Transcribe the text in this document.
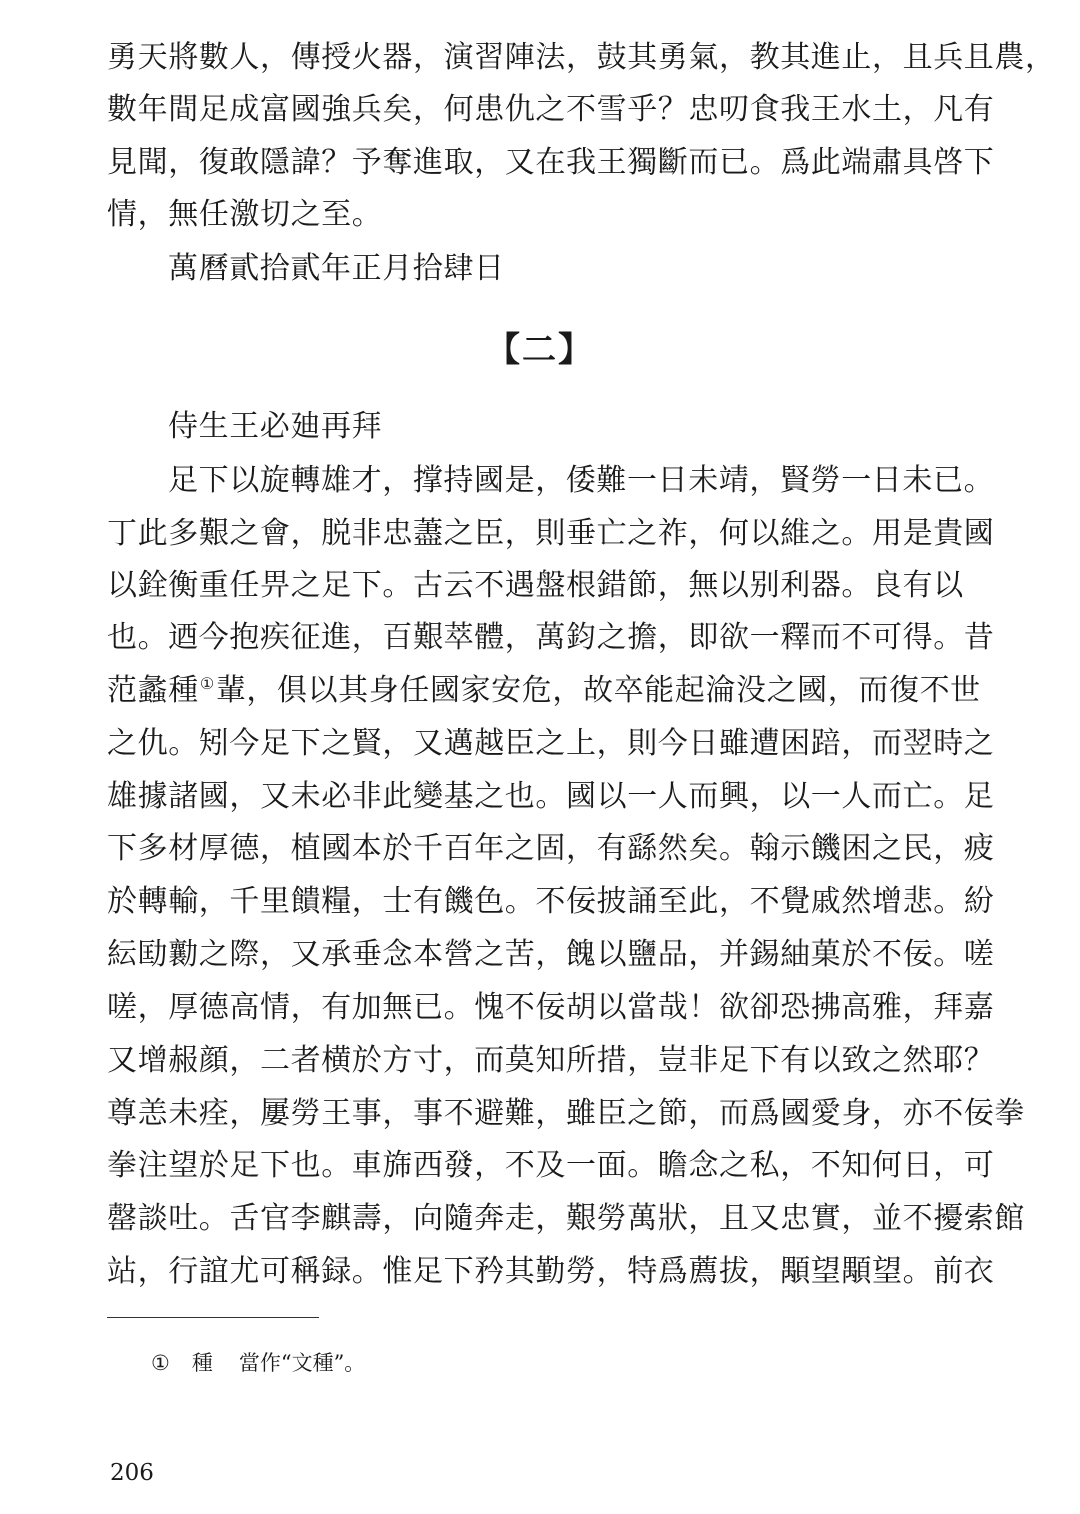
勇天將數人，傳授火器，演習陣法，鼓其勇氣，教其進止，且兵且農，
數年間足成富國強兵矣，何患仇之不雪乎？忠叨食我王水土，凡有
見聞，復敢隱諱？予奪進取，又在我王獨斷而已。爲此端肅具啓下
情，無任激切之至。
萬曆貳拾貳年正月拾肆日
【二】
侍生王必廸再拜
足下以旋轉雄才，撑持國是，倭難一日未靖，賢勞一日未已。
丁此多艱之會，脱非忠藎之臣，則垂亡之祚，何以維之。用是貴國
以銓衡重任畀之足下。古云不遇盤根錯節，無以别利器。良有以
也。迺今抱疾征進，百艱萃體，萬鈞之擔，即欲一釋而不可得。昔
范蠡種①輩，俱以其身任國家安危，故卒能起淪没之國，而復不世
之仇。矧今足下之賢，又邁越臣之上，則今日雖遭困踣，而翌時之
雄據諸國，又未必非此變基之也。國以一人而興，以一人而亡。足
下多材厚德，植國本於千百年之固，有繇然矣。翰示饑困之民，疲
於轉輸，千里饋糧，士有饑色。不佞披誦至此，不覺戚然增悲。紛
紜劻勷之際，又承垂念本營之苦，餽以鹽品，并錫紬菓於不佞。嗟
嗟，厚德高情，有加無已。愧不佞胡以當哉！欲卻恐拂高雅，拜嘉
又增赧顔，二者横於方寸，而莫知所措，豈非足下有以致之然耶？
尊恙未痊，屢勞王事，事不避難，雖臣之節，而爲國愛身，亦不佞拳
拳注望於足下也。車旆西發，不及一面。瞻念之私，不知何日，可
罄談吐。舌官李麒壽，向隨奔走，艱勞萬狀，且又忠實，並不擾索館
站，行誼尤可稱録。惟足下矜其勤勞，特爲薦拔，顒望顒望。前衣
① 種 當作“文種”。
206
